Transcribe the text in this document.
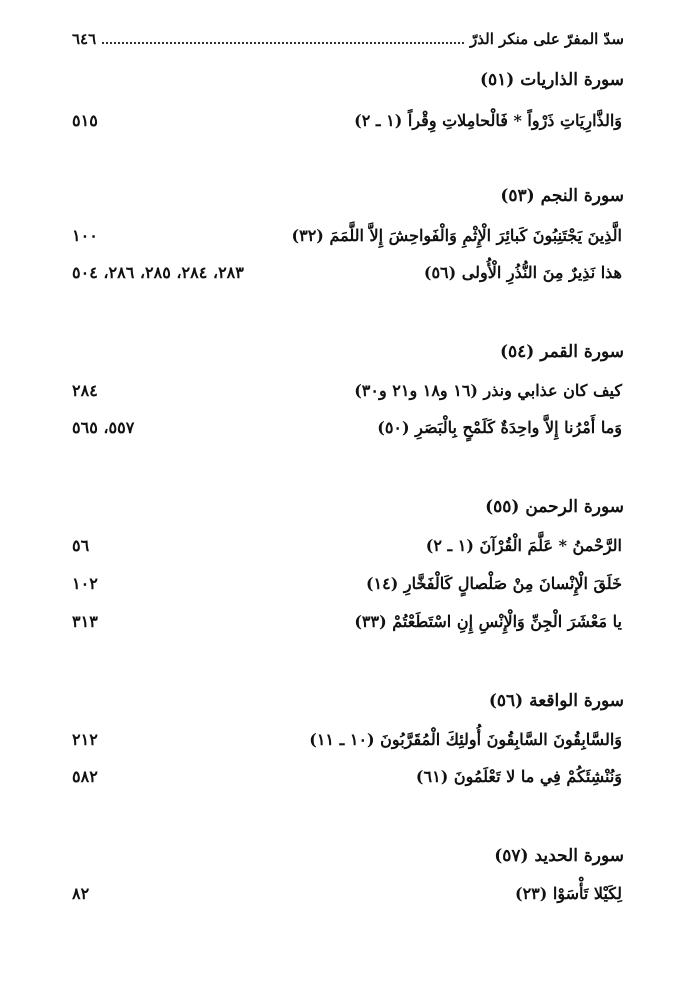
سدّ المفرّ على منكر الذرّ
٦٤٦
سورة الذاريات (٥١)
وَالذَّارِيَاتِ ذَرْواً * فَالْحامِلاتِ وِقْراً (١ ـ ٢)
٥١٥
سورة النجم (٥٣)
الَّذِينَ يَجْتَنِبُونَ كَبائِرَ الْإِثْمِ وَالْفَواحِشَ إِلاَّ اللَّمَمَ (٣٢)
١٠٠
هذا نَذِيرٌ مِنَ النُّذُرِ الْأُولى (٥٦)
٢٨٣، ٢٨٤، ٢٨٥، ٢٨٦، ٥٠٤
سورة القمر (٥٤)
كيف كان عذابي ونذر (١٦ و١٨ و٢١ و٣٠)
٢٨٤
وَما أَمْرُنا إِلاَّ واحِدَةٌ كَلَمْحٍ بِالْبَصَرِ (٥٠)
٥٥٧، ٥٦٥
سورة الرحمن (٥٥)
الرَّحْمنُ * عَلَّمَ الْقُرْآنَ (١ ـ ٢)
٥٦
خَلَقَ الْإِنْسانَ مِنْ صَلْصالٍ كَالْفَخَّارِ (١٤)
١٠٢
يا مَعْشَرَ الْجِنِّ وَالْإِنْسِ إِنِ اسْتَطَعْتُمْ (٣٣)
٣١٣
سورة الواقعة (٥٦)
وَالسَّابِقُونَ السَّابِقُونَ أُولئِكَ الْمُقَرَّبُونَ (١٠ ـ ١١)
٢١٢
وَنُنْشِئَكُمْ فِي ما لا تَعْلَمُونَ (٦١)
٥٨٢
سورة الحديد (٥٧)
لِكَيْلا تَأْسَوْا (٢٣)
٨٢
